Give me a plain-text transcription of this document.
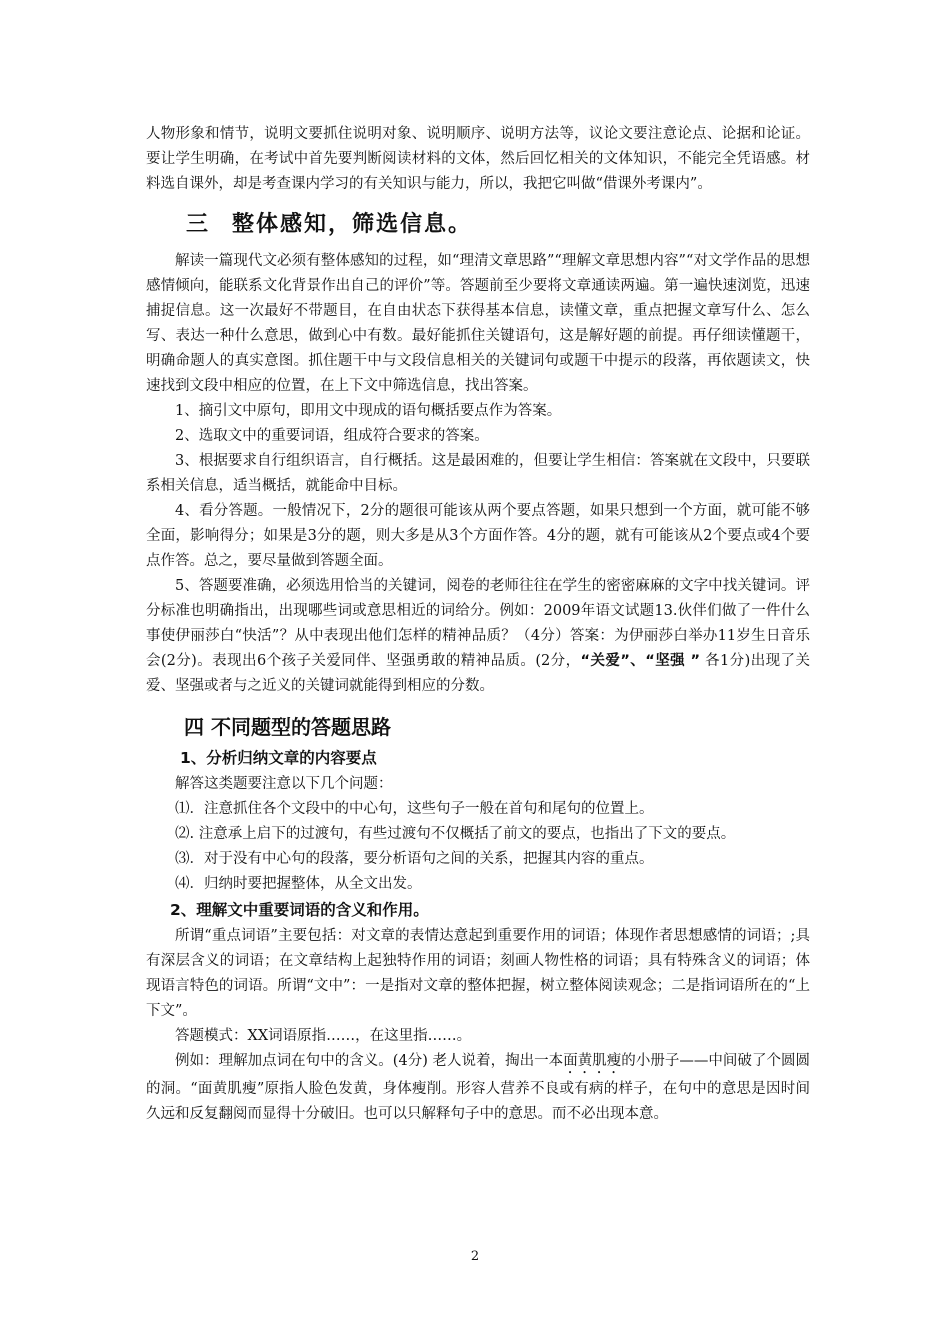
人物形象和情节，说明文要抓住说明对象、说明顺序、说明方法等，议论文要注意论点、论据和论证。要让学生明确，在考试中首先要判断阅读材料的文体，然后回忆相关的文体知识，不能完全凭语感。材料选自课外，却是考查课内学习的有关知识与能力，所以，我把它叫做“借课外考课内”。

三 整体感知，筛选信息。

解读一篇现代文必须有整体感知的过程，如“理清文章思路”“理解文章思想内容”“对文学作品的思想感情倾向，能联系文化背景作出自己的评价”等。答题前至少要将文章通读两遍。第一遍快速浏览，迅速捕捉信息。这一次最好不带题目，在自由状态下获得基本信息，读懂文章，重点把握文章写什么、怎么写、表达一种什么意思，做到心中有数。最好能抓住关键语句，这是解好题的前提。再仔细读懂题干，明确命题人的真实意图。抓住题干中与文段信息相关的关键词句或题干中提示的段落，再依题读文，快速找到文段中相应的位置，在上下文中筛选信息，找出答案。

1、摘引文中原句，即用文中现成的语句概括要点作为答案。

2、选取文中的重要词语，组成符合要求的答案。

3、根据要求自行组织语言，自行概括。这是最困难的，但要让学生相信：答案就在文段中，只要联系相关信息，适当概括，就能命中目标。

4、看分答题。一般情况下，2分的题很可能该从两个要点答题，如果只想到一个方面，就可能不够全面，影响得分；如果是3分的题，则大多是从3个方面作答。4分的题，就有可能该从2个要点或4个要点作答。总之，要尽量做到答题全面。

5、答题要准确，必须选用恰当的关键词，阅卷的老师往往在学生的密密麻麻的文字中找关键词。评分标准也明确指出，出现哪些词或意思相近的词给分。例如：2009年语文试题13.伙伴们做了一件什么事使伊丽莎白“快活”？从中表现出他们怎样的精神品质？（4分）答案：为伊丽莎白举办11岁生日音乐会(2分)。表现出6个孩子关爱同伴、坚强勇敢的精神品质。(2分，“关爱”、“坚强 ” 各1分)出现了关爱、坚强或者与之近义的关键词就能得到相应的分数。

四 不同题型的答题思路
1、分析归纳文章的内容要点

解答这类题要注意以下几个问题：

⑴．注意抓住各个文段中的中心句，这些句子一般在首句和尾句的位置上。

⑵. 注意承上启下的过渡句，有些过渡句不仅概括了前文的要点，也指出了下文的要点。

⑶．对于没有中心句的段落，要分析语句之间的关系，把握其内容的重点。

⑷．归纳时要把握整体，从全文出发。

2、理解文中重要词语的含义和作用。

所谓“重点词语”主要包括：对文章的表情达意起到重要作用的词语；体现作者思想感情的词语；;具有深层含义的词语；在文章结构上起独特作用的词语；刻画人物性格的词语；具有特殊含义的词语；体现语言特色的词语。所谓“文中”：一是指对文章的整体把握，树立整体阅读观念；二是指词语所在的“上下文”。

答题模式：XX词语原指……，在这里指……。

例如：理解加点词在句中的含义。(4分) 老人说着，掏出一本面黄肌瘦的小册子——中间破了个圆圆的洞。“面黄肌瘦”原指人脸色发黄，身体瘦削。形容人营养不良或有病的样子，在句中的意思是因时间久远和反复翻阅而显得十分破旧。也可以只解释句子中的意思。而不必出现本意。

2
